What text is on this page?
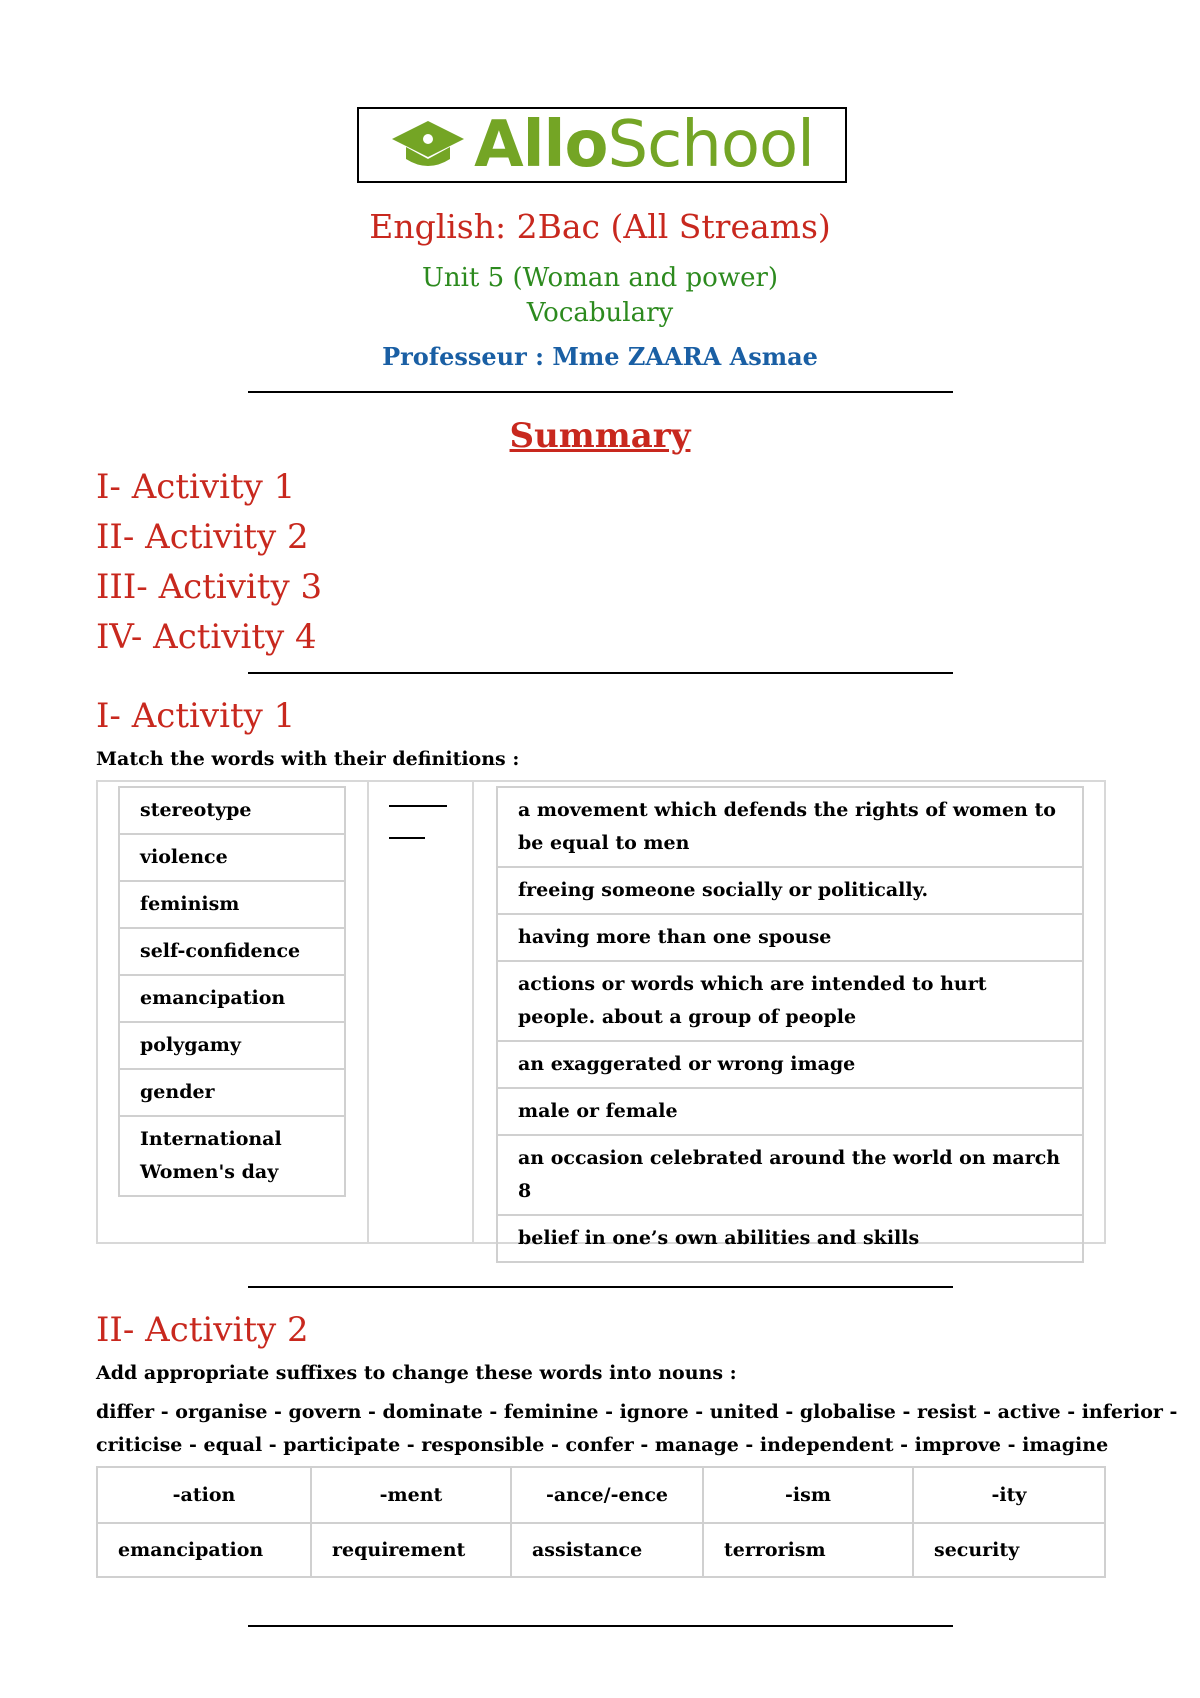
AlloSchool
English: 2Bac (All Streams)
Unit 5 (Woman and power)
Vocabulary
Professeur : Mme ZAARA Asmae
Summary
I- Activity 1
II- Activity 2
III- Activity 3
IV- Activity 4
I- Activity 1
Match the words with their definitions :
stereotype
violence
feminism
self-confidence
emancipation
polygamy
gender
International Women's day
a movement which defends the rights of women to be equal to men
freeing someone socially or politically.
having more than one spouse
actions or words which are intended to hurt people. about a group of people
an exaggerated or wrong image
male or female
an occasion celebrated around the world on march 8
belief in one’s own abilities and skills
II- Activity 2
Add appropriate suffixes to change these words into nouns :
differ - organise - govern - dominate - feminine - ignore - united - globalise - resist - active - inferior -
criticise - equal - participate - responsible - confer - manage - independent - improve - imagine
-ation	-ment	-ance/-ence	-ism	-ity
emancipation	requirement	assistance	terrorism	security
